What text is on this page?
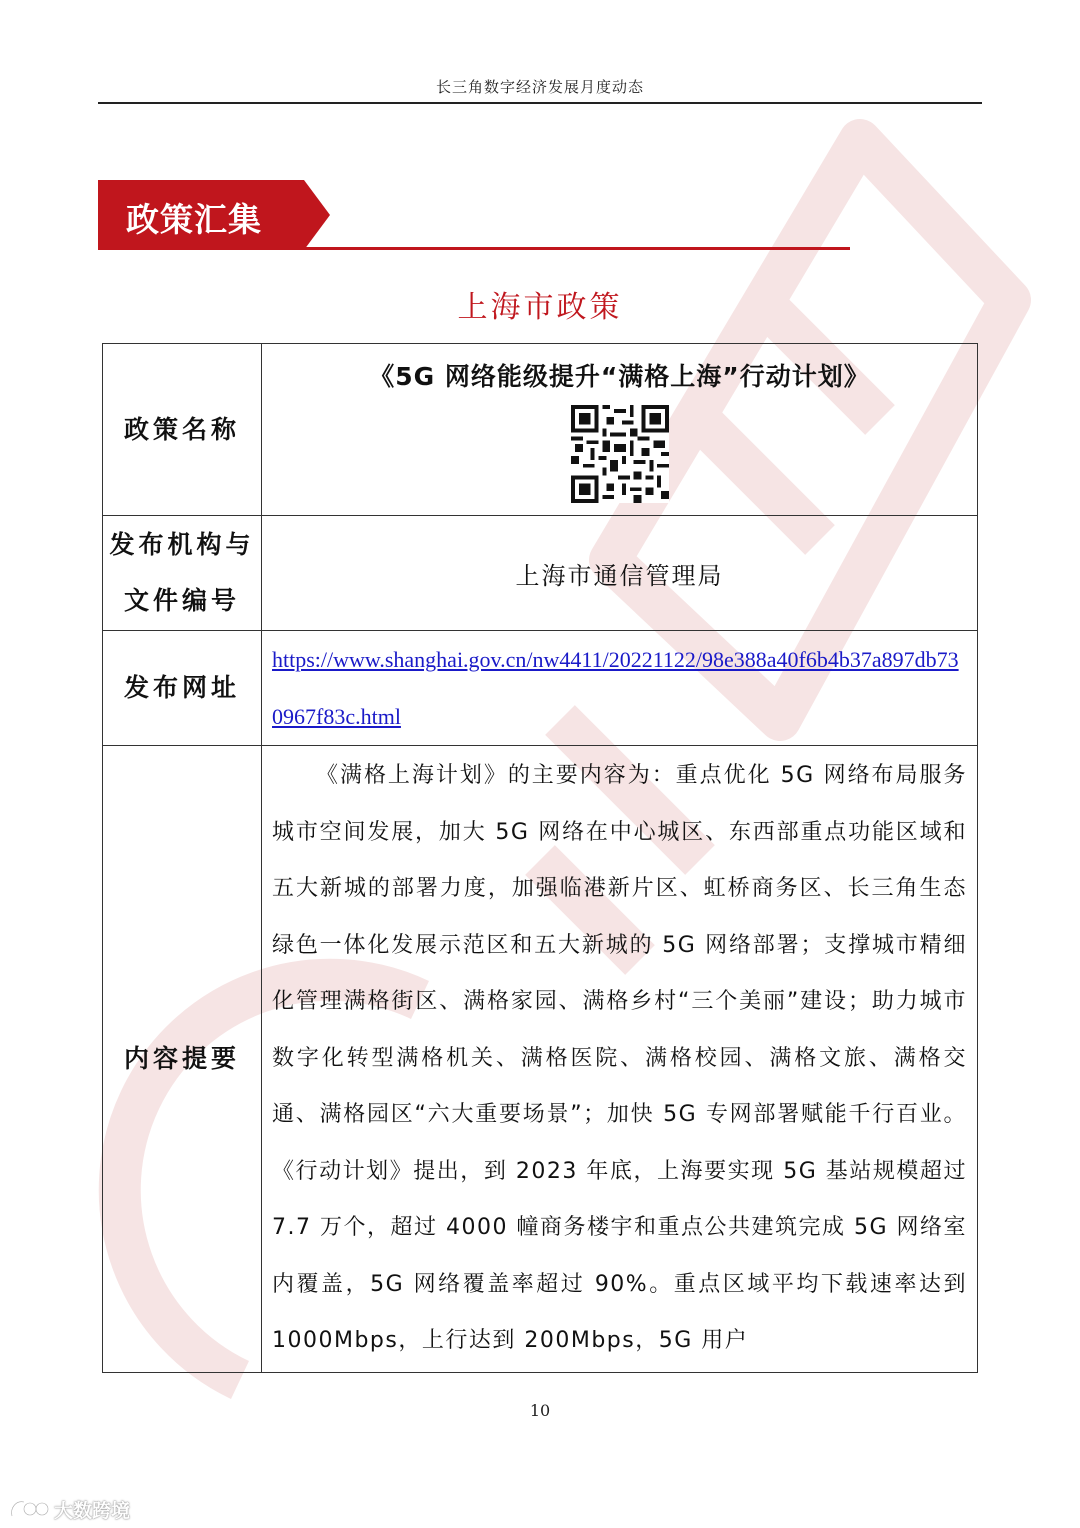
长三角数字经济发展月度动态
政策汇集
上海市政策
政策名称	《5G 网络能级提升“满格上海”行动计划》

发布机构与
文件编号	上海市通信管理局
发布网址	https://www.shanghai.gov.cn/nw4411/20221122/98e388a40f6b4b37a897db730967f83c.html

内容提要	《满格上海计划》的主要内容为：重点优化 5G 网络布局服务城市空间发展，加大 5G 网络在中心城区、东西部重点功能区域和五大新城的部署力度，加强临港新片区、虹桥商务区、长三角生态绿色一体化发展示范区和五大新城的 5G 网络部署；支撑城市精细化管理满格街区、满格家园、满格乡村“三个美丽”建设；助力城市数字化转型满格机关、满格医院、满格校园、满格文旅、满格交通、满格园区“六大重要场景”；加快 5G 专网部署赋能千行百业。《行动计划》提出，到 2023 年底，上海要实现 5G 基站规模超过 7.7 万个，超过 4000 幢商务楼宇和重点公共建筑完成 5G 网络室内覆盖，5G 网络覆盖率超过 90%。重点区域平均下载速率达到 1000Mbps，上行达到 200Mbps，5G 用户
10
大数跨境
